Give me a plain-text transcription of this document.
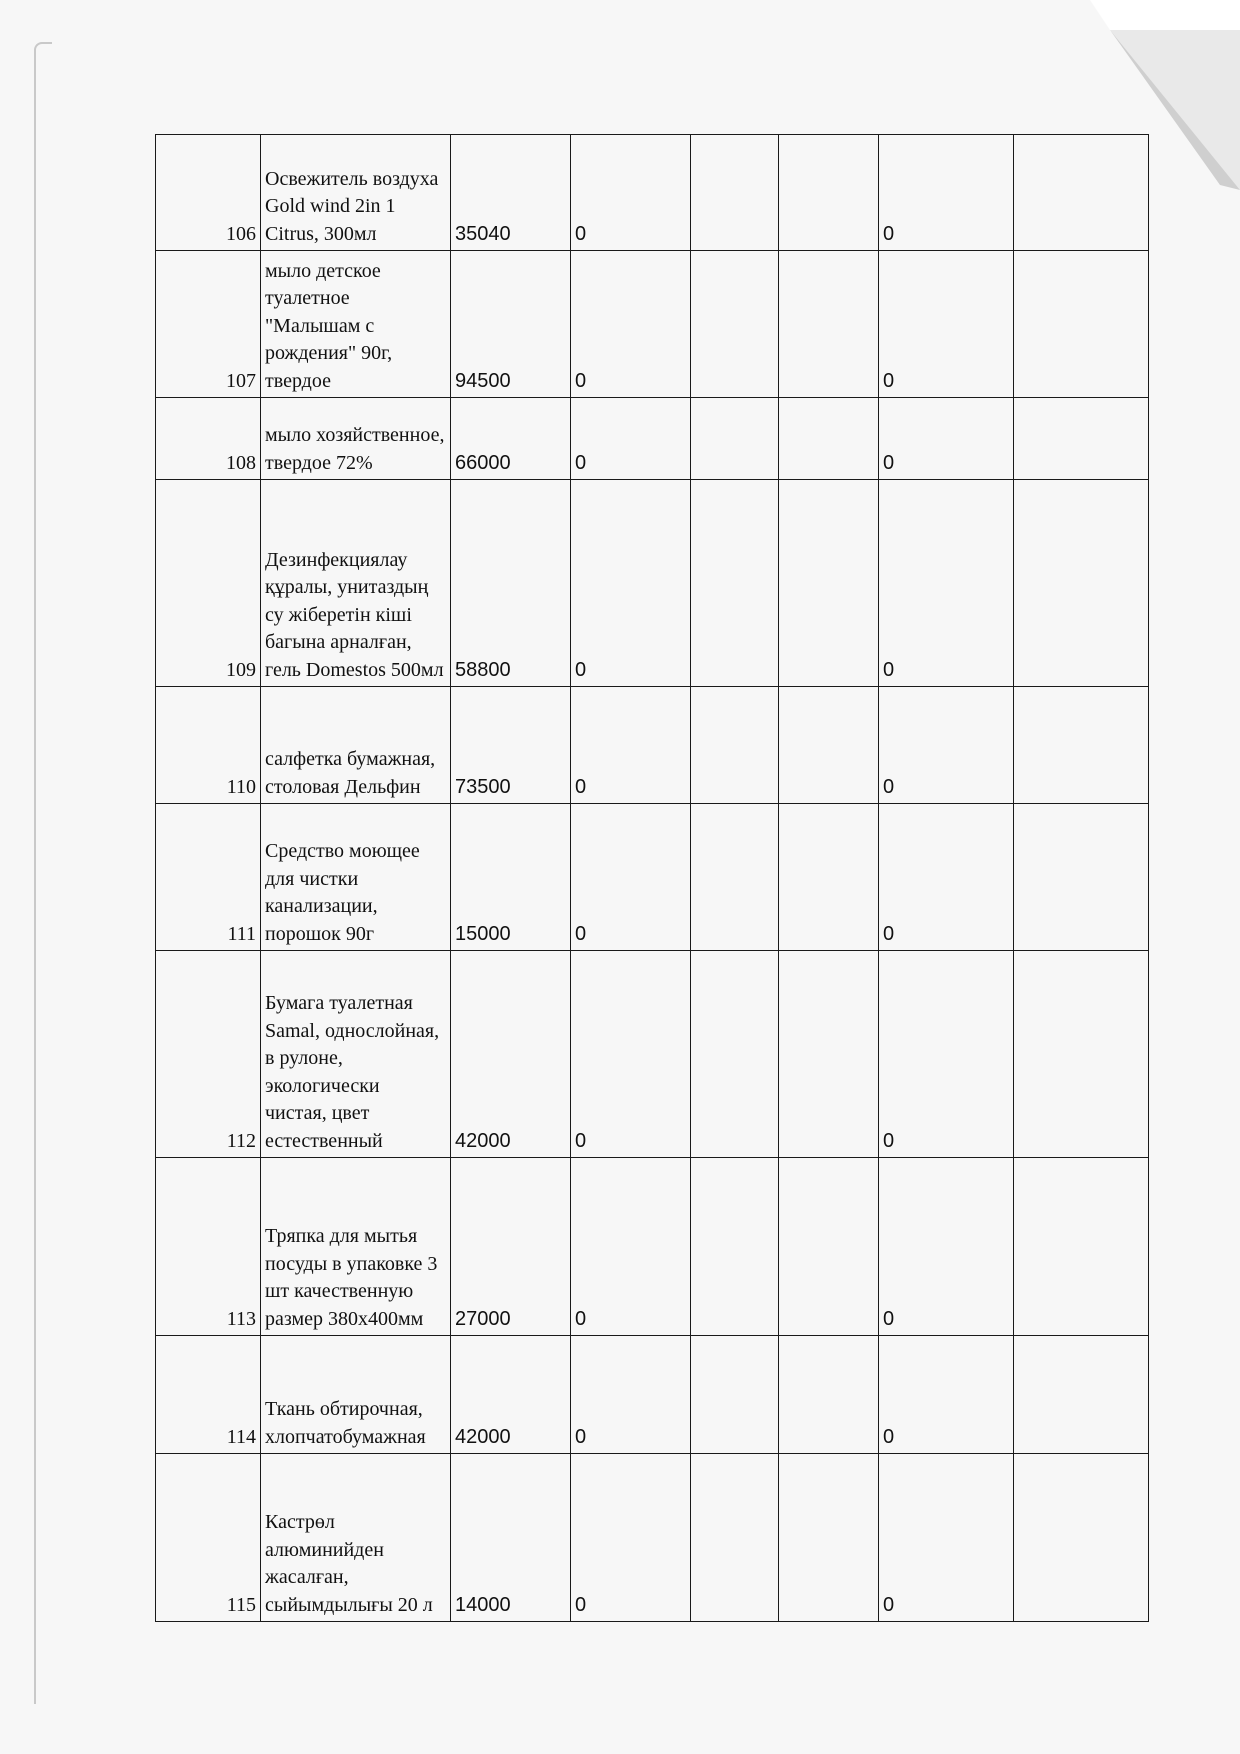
106	Освежитель воздуха Gold wind 2in 1 Citrus, 300мл	35040	0			0	
107	мыло детское туалетное "Малышам с рождения" 90г, твердое	94500	0			0	
108	мыло хозяйственное, твердое 72%	66000	0			0	
109	Дезинфекциялау құралы, унитаздың су жіберетін кіші багына арналған, гель Domestos 500мл	58800	0			0	
110	салфетка бумажная, столовая Дельфин	73500	0			0	
111	Средство моющее для чистки канализации, порошок 90г	15000	0			0	
112	Бумага туалетная Samal, однослойная, в рулоне, экологически чистая, цвет естественный	42000	0			0	
113	Тряпка для мытья посуды в упаковке 3 шт качественную размер 380х400мм	27000	0			0	
114	Ткань обтирочная, хлопчатобумажная	42000	0			0	
115	Кастрөл алюминийден жасалған, сыйымдылығы 20 л	14000	0			0	
